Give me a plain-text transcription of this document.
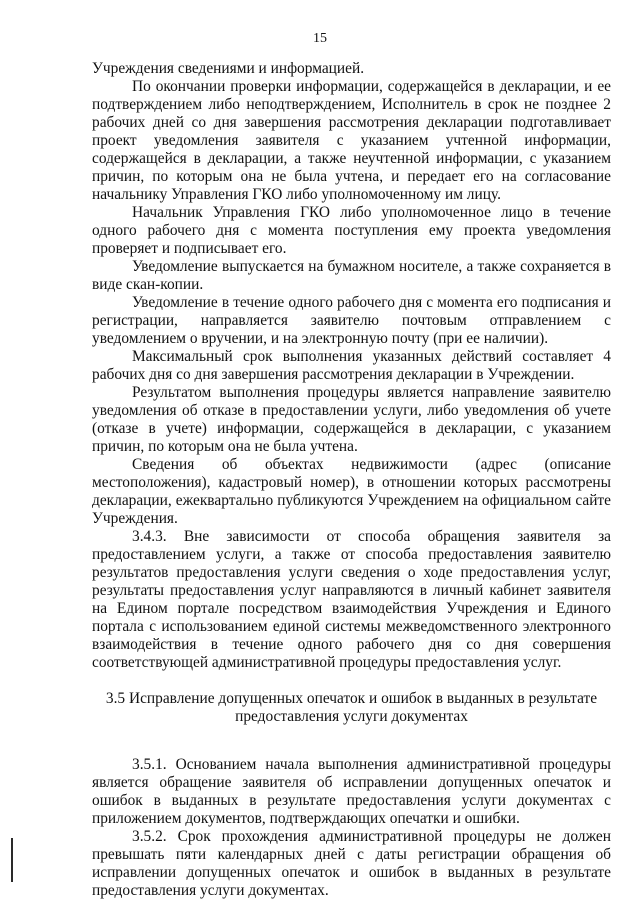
15

Учреждения сведениями и информацией.

По окончании проверки информации, содержащейся в декларации, и ее подтверждением либо неподтверждением, Исполнитель в срок не позднее 2 рабочих дней со дня завершения рассмотрения декларации подготавливает проект уведомления заявителя с указанием учтенной информации, содержащейся в декларации, а также неучтенной информации, с указанием причин, по которым она не была учтена, и передает его на согласование начальнику Управления ГКО либо уполномоченному им лицу.

Начальник Управления ГКО либо уполномоченное лицо в течение одного рабочего дня с момента поступления ему проекта уведомления проверяет и подписывает его.

Уведомление выпускается на бумажном носителе, а также сохраняется в виде скан-копии.

Уведомление в течение одного рабочего дня с момента его подписания и регистрации, направляется заявителю почтовым отправлением с уведомлением о вручении, и на электронную почту (при ее наличии).

Максимальный срок выполнения указанных действий составляет 4 рабочих дня со дня завершения рассмотрения декларации в Учреждении.

Результатом выполнения процедуры является направление заявителю уведомления об отказе в предоставлении услуги, либо уведомления об учете (отказе в учете) информации, содержащейся в декларации, с указанием причин, по которым она не была учтена.

Сведения об объектах недвижимости (адрес (описание местоположения), кадастровый номер), в отношении которых рассмотрены декларации, ежеквартально публикуются Учреждением на официальном сайте Учреждения.

3.4.3. Вне зависимости от способа обращения заявителя за предоставлением услуги, а также от способа предоставления заявителю результатов предоставления услуги сведения о ходе предоставления услуг, результаты предоставления услуг направляются в личный кабинет заявителя на Едином портале посредством взаимодействия Учреждения и Единого портала с использованием единой системы межведомственного электронного взаимодействия в течение одного рабочего дня со дня совершения соответствующей административной процедуры предоставления услуг.

3.5 Исправление допущенных опечаток и ошибок в выданных в результате
предоставления услуги документах

3.5.1. Основанием начала выполнения административной процедуры является обращение заявителя об исправлении допущенных опечаток и ошибок в выданных в результате предоставления услуги документах с приложением документов, подтверждающих опечатки и ошибки.

3.5.2. Срок прохождения административной процедуры не должен превышать пяти календарных дней с даты регистрации обращения об исправлении допущенных опечаток и ошибок в выданных в результате предоставления услуги документах.
